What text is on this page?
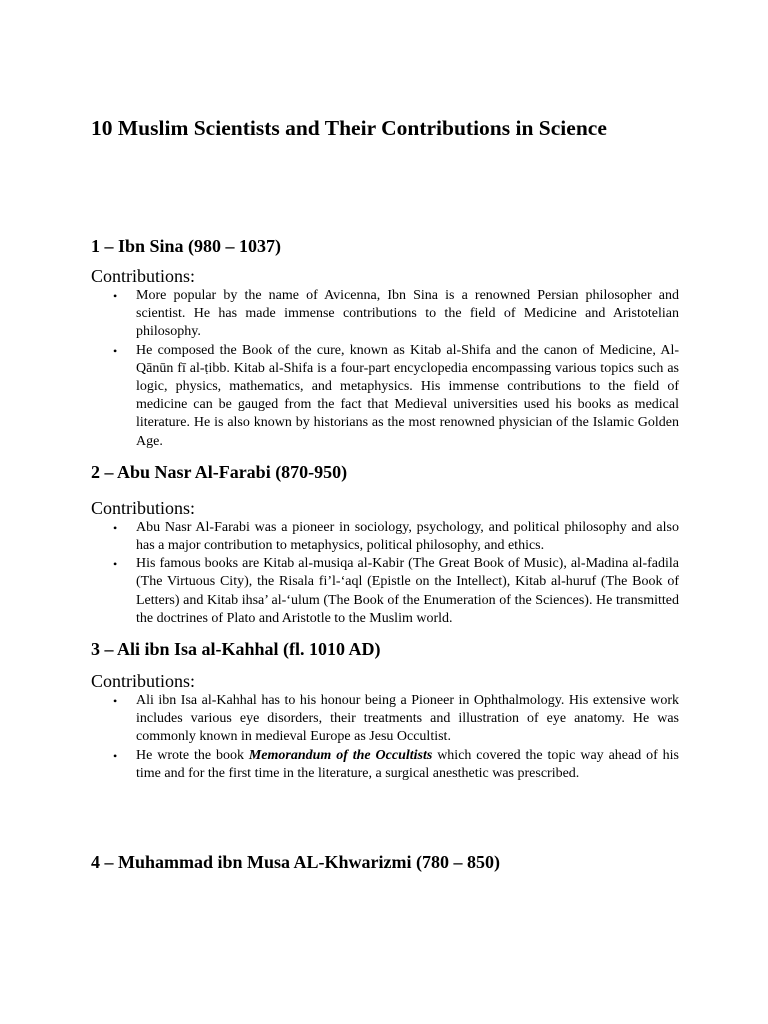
10 Muslim Scientists and Their Contributions in Science
1 – Ibn Sina (980 – 1037)

Contributions:

• More popular by the name of Avicenna, Ibn Sina is a renowned Persian philosopher and scientist. He has made immense contributions to the field of Medicine and Aristotelian philosophy.
• He composed the Book of the cure, known as Kitab al-Shifa and the canon of Medicine, Al-Qānūn fī al-ṭibb. Kitab al-Shifa is a four-part encyclopedia encompassing various topics such as logic, physics, mathematics, and metaphysics. His immense contributions to the field of medicine can be gauged from the fact that Medieval universities used his books as medical literature. He is also known by historians as the most renowned physician of the Islamic Golden Age.
2 – Abu Nasr Al-Farabi (870-950)

Contributions:

• Abu Nasr Al-Farabi was a pioneer in sociology, psychology, and political philosophy and also has a major contribution to metaphysics, political philosophy, and ethics.
• His famous books are Kitab al-musiqa al-Kabir (The Great Book of Music), al-Madina al-fadila (The Virtuous City), the Risala fi’l-‘aql (Epistle on the Intellect), Kitab al-huruf (The Book of Letters) and Kitab ihsa’ al-‘ulum (The Book of the Enumeration of the Sciences). He transmitted the doctrines of Plato and Aristotle to the Muslim world.
3 – Ali ibn Isa al-Kahhal (fl. 1010 AD)

Contributions:

• Ali ibn Isa al-Kahhal has to his honour being a Pioneer in Ophthalmology. His extensive work includes various eye disorders, their treatments and illustration of eye anatomy. He was commonly known in medieval Europe as Jesu Occultist.
• He wrote the book Memorandum of the Occultists which covered the topic way ahead of his time and for the first time in the literature, a surgical anesthetic was prescribed.
4 – Muhammad ibn Musa AL-Khwarizmi (780 – 850)
